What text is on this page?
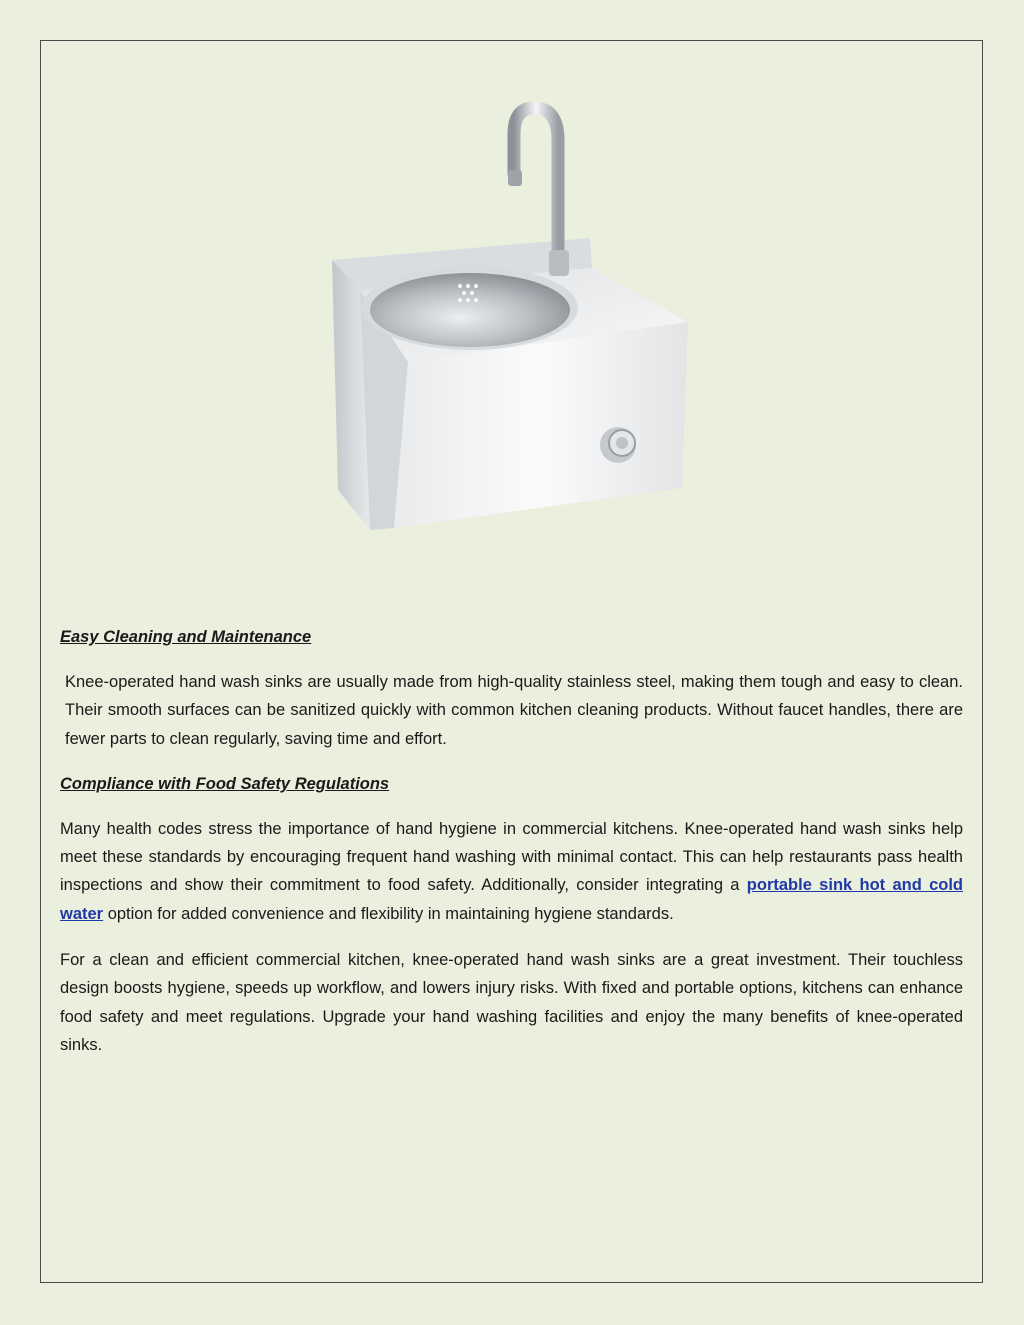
Easy Cleaning and Maintenance

Knee-operated hand wash sinks are usually made from high-quality stainless steel, making them tough and easy to clean. Their smooth surfaces can be sanitized quickly with common kitchen cleaning products. Without faucet handles, there are fewer parts to clean regularly, saving time and effort.

Compliance with Food Safety Regulations

Many health codes stress the importance of hand hygiene in commercial kitchens. Knee-operated hand wash sinks help meet these standards by encouraging frequent hand washing with minimal contact. This can help restaurants pass health inspections and show their commitment to food safety. Additionally, consider integrating a portable sink hot and cold water option for added convenience and flexibility in maintaining hygiene standards.

For a clean and efficient commercial kitchen, knee-operated hand wash sinks are a great investment. Their touchless design boosts hygiene, speeds up workflow, and lowers injury risks. With fixed and portable options, kitchens can enhance food safety and meet regulations. Upgrade your hand washing facilities and enjoy the many benefits of knee-operated sinks.
